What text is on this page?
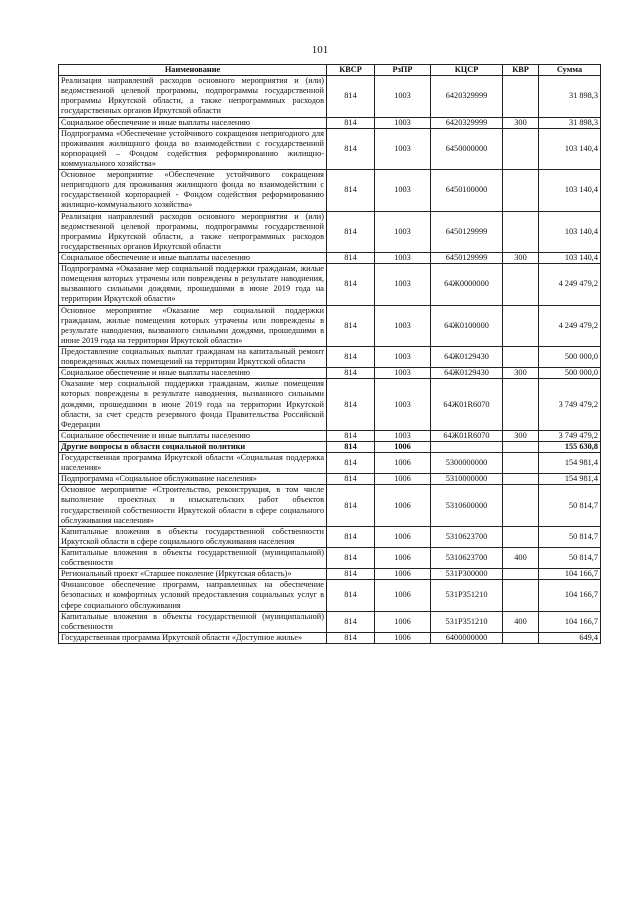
101
Наименование	КВСР	РзПР	КЦСР	КВР	Сумма
Реализация направлений расходов основного мероприятия и (или) ведомственной целевой программы, подпрограммы государственной программы Иркутской области, а также непрограммных расходов государственных органов Иркутской области	814	1003	6420329999		31 898,3
Социальное обеспечение и иные выплаты населению	814	1003	6420329999	300	31 898,3
Подпрограмма «Обеспечение устойчивого сокращения непригодного для проживания жилищного фонда во взаимодействии с государственной корпорацией – Фондом содействия реформированию жилищно-коммунального хозяйства»	814	1003	6450000000		103 140,4
Основное мероприятие «Обеспечение устойчивого сокращения непригодного для проживания жилищного фонда во взаимодействии с государственной корпорацией - Фондом содействия реформированию жилищно-коммунального хозяйства»	814	1003	6450100000		103 140,4
Реализация направлений расходов основного мероприятия и (или) ведомственной целевой программы, подпрограммы государственной программы Иркутской области, а также непрограммных расходов государственных органов Иркутской области	814	1003	6450129999		103 140,4
Социальное обеспечение и иные выплаты населению	814	1003	6450129999	300	103 140,4
Подпрограмма «Оказание мер социальной поддержки гражданам, жилые помещения которых утрачены или повреждены в результате наводнения, вызванного сильными дождями, прошедшими в июне 2019 года на территории Иркутской области»	814	1003	64Ж0000000		4 249 479,2
Основное мероприятие «Оказание мер социальной поддержки гражданам, жилые помещения которых утрачены или повреждены в результате наводнения, вызванного сильными дождями, прошедшими в июне 2019 года на территории Иркутской области»	814	1003	64Ж0100000		4 249 479,2
Предоставление социальных выплат гражданам на капитальный ремонт поврежденных жилых помещений на территории Иркутской области	814	1003	64Ж0129430		500 000,0
Социальное обеспечение и иные выплаты населению	814	1003	64Ж0129430	300	500 000,0
Оказание мер социальной поддержки гражданам, жилые помещения которых повреждены в результате наводнения, вызванного сильными дождями, прошедшими в июне 2019 года на территории Иркутской области, за счет средств резервного фонда Правительства Российской Федерации	814	1003	64Ж01R6070		3 749 479,2
Социальное обеспечение и иные выплаты населению	814	1003	64Ж01R6070	300	3 749 479,2
Другие вопросы в области социальной политики	814	1006			155 630,8
Государственная программа Иркутской области «Социальная поддержка населения»	814	1006	5300000000		154 981,4
Подпрограмма «Социальное обслуживание населения»	814	1006	5310000000		154 981,4
Основное мероприятие «Строительство, реконструкция, в том числе выполнение проектных и изыскательских работ объектов государственной собственности Иркутской области в сфере социального обслуживания населения»	814	1006	5310600000		50 814,7
Капитальные вложения в объекты государственной собственности Иркутской области в сфере социального обслуживания населения	814	1006	5310623700		50 814,7
Капитальные вложения в объекты государственной (муниципальной) собственности	814	1006	5310623700	400	50 814,7
Региональный проект «Старшее поколение (Иркутская область)»	814	1006	531P300000		104 166,7
Финансовое обеспечение программ, направленных на обеспечение безопасных и комфортных условий предоставления социальных услуг в сфере социального обслуживания	814	1006	531P351210		104 166,7
Капитальные вложения в объекты государственной (муниципальной) собственности	814	1006	531P351210	400	104 166,7
Государственная программа Иркутской области «Доступное жилье»	814	1006	6400000000		649,4
